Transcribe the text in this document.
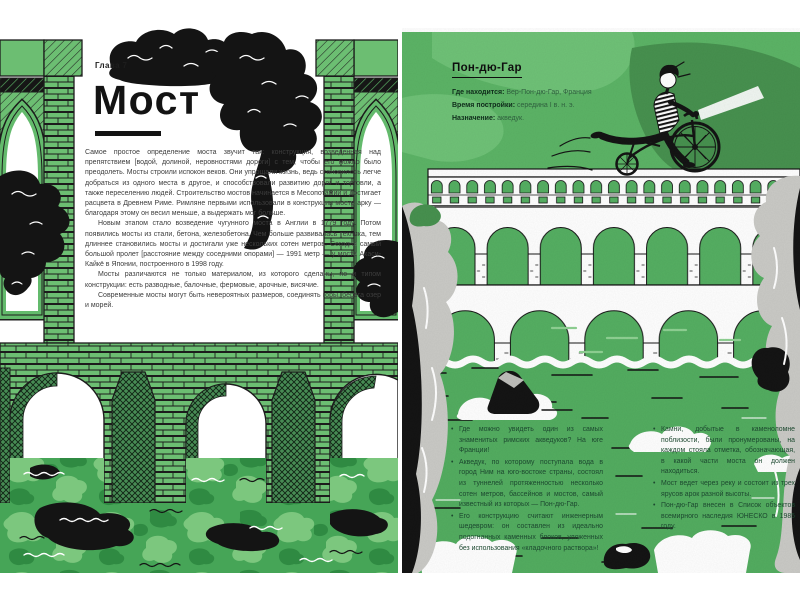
Глава 7
Мост

Самое простое определение моста звучит так: конструкция, возведенная над препятствием [водой, долиной, неровностями дороги] с тем, чтобы его можно было преодолеть. Мосты строили испокон веков. Они упрощали жизнь, ведь становилось легче добраться из одного места в другое, и способствовали развитию дорог и торговли, а также переселению людей. Строительство мостов начинается в Месопотамии и достигает расцвета в Древнем Риме. Римляне первыми использовали в конструкции моста арку — благодаря этому он весил меньше, а выдержать мог больше.

Новым этапом стало возведение чугунного моста в Англии в 1779 году. Потом появились мосты из стали, бетона, железобетона. Чем больше развивалась техника, тем длиннее становились мосты и достигали уже нескольких сотен метров. Сегодня самый большой пролет [расстояние между соседними опорами] — 1991 метр — у моста Акаси-Кайкё в Японии, построенного в 1998 году.

Мосты различаются не только материалом, из которого сделаны, но и типом конструкции: есть разводные, балочные, фермовые, арочные, висячие.

Современные мосты могут быть невероятных размеров, соединять горы, берега озер и морей.

Пон-дю-Гар
Где находится: Вер-Пон-дю-Гар, Франция
Время постройки: середина I в. н. э.
Назначение: акведук.
• Где можно увидеть один из самых знаменитых римских акведуков? На юге Франции!
• Акведук, по которому поступала вода в город Ним на юго-востоке страны, состоял из туннелей протяженностью несколько сотен метров, бассейнов и мостов, самый известный из которых — Пон-дю-Гар.
• Его конструкцию считают инженерным шедевром: он составлен из идеально подогнанных каменных блоков, уложенных без использования «кладочного раствора»!
• Камни, добытые в каменоломне поблизости, были пронумерованы, на каждом стояла отметка, обозначающая, в какой части моста он должен находиться.
• Мост ведет через реку и состоит из трех ярусов арок разной высоты.
• Пон-дю-Гар внесен в Список объектов всемирного наследия ЮНЕСКО в 1985 году.
